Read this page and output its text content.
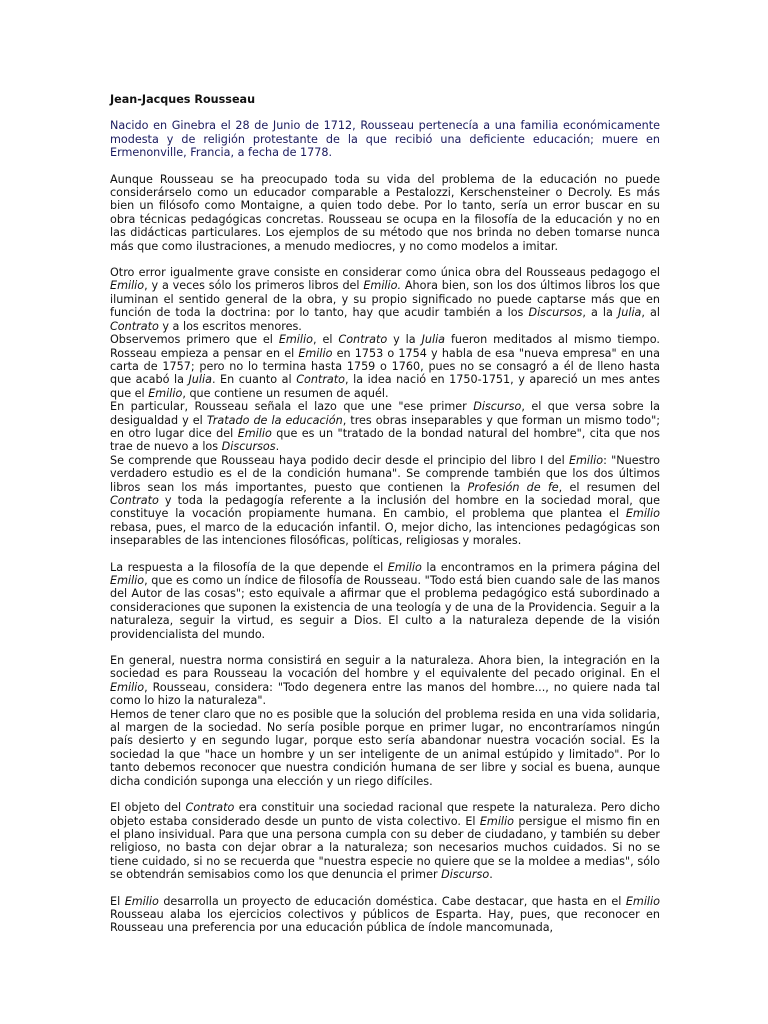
Jean-Jacques Rousseau

Nacido en Ginebra el 28 de Junio de 1712, Rousseau pertenecía a una familia económicamente modesta y de religión protestante de la que recibió una deficiente educación; muere en Ermenonville, Francia, a fecha de 1778.

Aunque Rousseau se ha preocupado toda su vida del problema de la educación no puede considerárselo como un educador comparable a Pestalozzi, Kerschensteiner o Decroly. Es más bien un filósofo como Montaigne, a quien todo debe. Por lo tanto, sería un error buscar en su obra técnicas pedagógicas concretas. Rousseau se ocupa en la filosofía de la educación y no en las didácticas particulares. Los ejemplos de su método que nos brinda no deben tomarse nunca más que como ilustraciones, a menudo mediocres, y no como modelos a imitar.

Otro error igualmente grave consiste en considerar como única obra del Rousseaus pedagogo el Emilio, y a veces sólo los primeros libros del Emilio. Ahora bien, son los dos últimos libros los que iluminan el sentido general de la obra, y su propio significado no puede captarse más que en función de toda la doctrina: por lo tanto, hay que acudir también a los Discursos, a la Julia, al Contrato y a los escritos menores.

Observemos primero que el Emilio, el Contrato y la Julia fueron meditados al mismo tiempo. Rosseau empieza a pensar en el Emilio en 1753 o 1754 y habla de esa "nueva empresa" en una carta de 1757; pero no lo termina hasta 1759 o 1760, pues no se consagró a él de lleno hasta que acabó la Julia. En cuanto al Contrato, la idea nació en 1750-1751, y apareció un mes antes que el Emilio, que contiene un resumen de aquél.

En particular, Rousseau señala el lazo que une "ese primer Discurso, el que versa sobre la desigualdad y el Tratado de la educación, tres obras inseparables y que forman un mismo todo"; en otro lugar dice del Emilio que es un "tratado de la bondad natural del hombre", cita que nos trae de nuevo a los Discursos.

Se comprende que Rousseau haya podido decir desde el principio del libro I del Emilio: "Nuestro verdadero estudio es el de la condición humana". Se comprende también que los dos últimos libros sean los más importantes, puesto que contienen la Profesión de fe, el resumen del Contrato y toda la pedagogía referente a la inclusión del hombre en la sociedad moral, que constituye la vocación propiamente humana. En cambio, el problema que plantea el Emilio rebasa, pues, el marco de la educación infantil. O, mejor dicho, las intenciones pedagógicas son inseparables de las intenciones filosóficas, políticas, religiosas y morales.

La respuesta a la filosofía de la que depende el Emilio la encontramos en la primera página del Emilio, que es como un índice de filosofía de Rousseau. "Todo está bien cuando sale de las manos del Autor de las cosas"; esto equivale a afirmar que el problema pedagógico está subordinado a consideraciones que suponen la existencia de una teología y de una de la Providencia. Seguir a la naturaleza, seguir la virtud, es seguir a Dios. El culto a la naturaleza depende de la visión providencialista del mundo.

En general, nuestra norma consistirá en seguir a la naturaleza. Ahora bien, la integración en la sociedad es para Rousseau la vocación del hombre y el equivalente del pecado original. En el Emilio, Rousseau, considera: "Todo degenera entre las manos del hombre..., no quiere nada tal como lo hizo la naturaleza".

Hemos de tener claro que no es posible que la solución del problema resida en una vida solidaria, al margen de la sociedad. No sería posible porque en primer lugar, no encontraríamos ningún país desierto y en segundo lugar, porque esto sería abandonar nuestra vocación social. Es la sociedad la que "hace un hombre y un ser inteligente de un animal estúpido y limitado". Por lo tanto debemos reconocer que nuestra condición humana de ser libre y social es buena, aunque dicha condición suponga una elección y un riego difíciles.

El objeto del Contrato era constituir una sociedad racional que respete la naturaleza. Pero dicho objeto estaba considerado desde un punto de vista colectivo. El Emilio persigue el mismo fin en el plano insividual. Para que una persona cumpla con su deber de ciudadano, y también su deber religioso, no basta con dejar obrar a la naturaleza; son necesarios muchos cuidados. Si no se tiene cuidado, si no se recuerda que "nuestra especie no quiere que se la moldee a medias", sólo se obtendrán semisabios como los que denuncia el primer Discurso.

El Emilio desarrolla un proyecto de educación doméstica. Cabe destacar, que hasta en el Emilio Rousseau alaba los ejercicios colectivos y públicos de Esparta. Hay, pues, que reconocer en Rousseau una preferencia por una educación pública de índole mancomunada,
